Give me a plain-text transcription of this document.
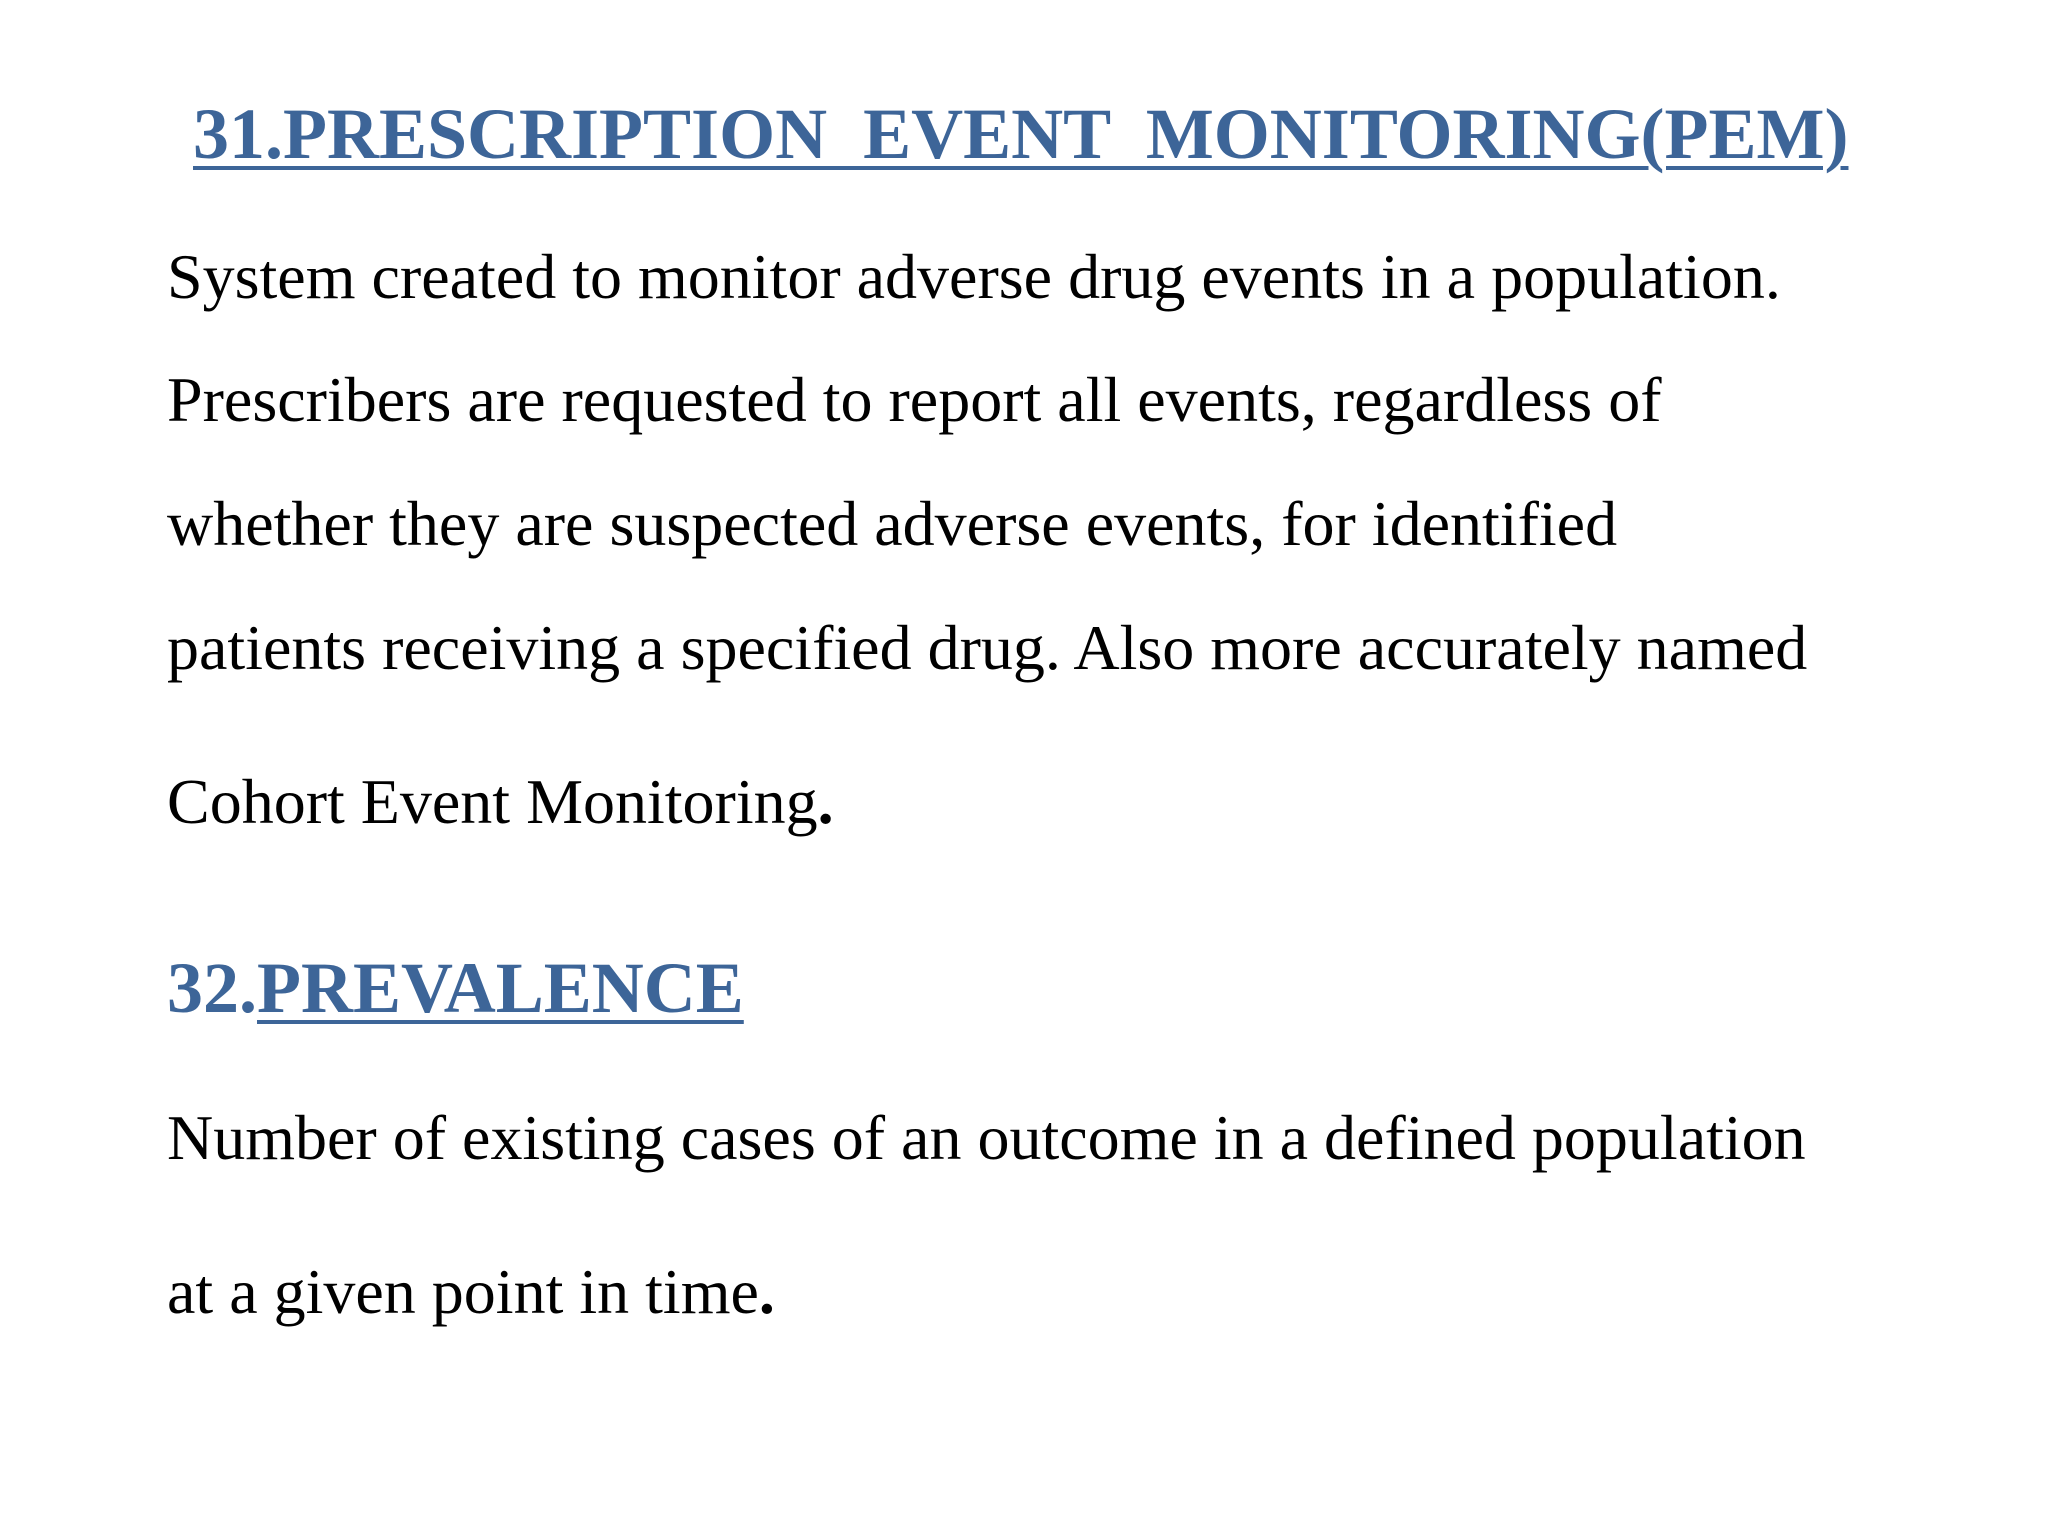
31.PRESCRIPTION  EVENT  MONITORING(PEM)

System created to monitor adverse drug events in a population.

Prescribers are requested to report all events, regardless of

whether they are suspected adverse events, for identified

patients receiving a specified drug. Also more accurately named

Cohort Event Monitoring.

32.PREVALENCE

Number of existing cases of an outcome in a defined population

at a given point in time.
